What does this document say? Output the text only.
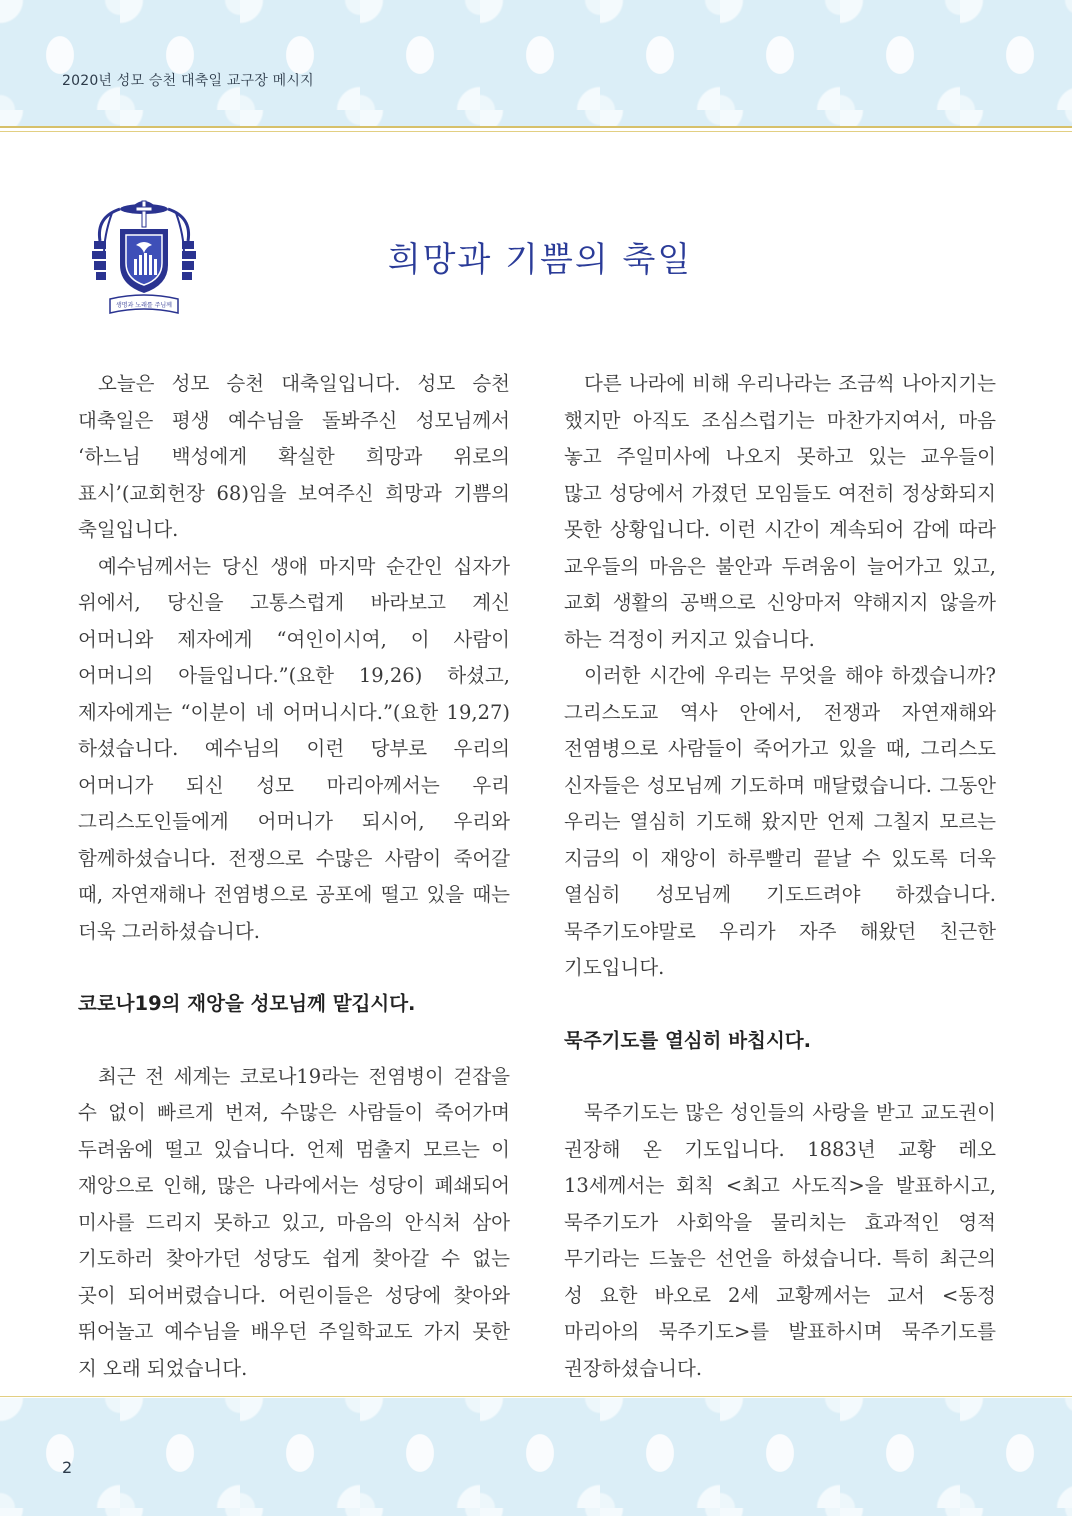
2020년 성모 승천 대축일 교구장 메시지
생명과 노래를 주님께
희망과 기쁨의 축일

오늘은 성모 승천 대축일입니다. 성모 승천 대축일은 평생 예수님을 돌봐주신 성모님께서 ‘하느님 백성에게 확실한 희망과 위로의 표시’(교회헌장 68)임을 보여주신 희망과 기쁨의 축일입니다.

예수님께서는 당신 생애 마지막 순간인 십자가 위에서, 당신을 고통스럽게 바라보고 계신 어머니와 제자에게 “여인이시여, 이 사람이 어머니의 아들입니다.”(요한 19,26) 하셨고, 제자에게는 “이분이 네 어머니시다.”(요한 19,27) 하셨습니다. 예수님의 이런 당부로 우리의 어머니가 되신 성모 마리아께서는 우리 그리스도인들에게 어머니가 되시어, 우리와 함께하셨습니다. 전쟁으로 수많은 사람이 죽어갈 때, 자연재해나 전염병으로 공포에 떨고 있을 때는 더욱 그러하셨습니다.

코로나19의 재앙을 성모님께 맡깁시다.

최근 전 세계는 코로나19라는 전염병이 걷잡을 수 없이 빠르게 번져, 수많은 사람들이 죽어가며 두려움에 떨고 있습니다. 언제 멈출지 모르는 이 재앙으로 인해, 많은 나라에서는 성당이 폐쇄되어 미사를 드리지 못하고 있고, 마음의 안식처 삼아 기도하러 찾아가던 성당도 쉽게 찾아갈 수 없는 곳이 되어버렸습니다. 어린이들은 성당에 찾아와 뛰어놀고 예수님을 배우던 주일학교도 가지 못한 지 오래 되었습니다.

다른 나라에 비해 우리나라는 조금씩 나아지기는 했지만 아직도 조심스럽기는 마찬가지여서, 마음 놓고 주일미사에 나오지 못하고 있는 교우들이 많고 성당에서 가졌던 모임들도 여전히 정상화되지 못한 상황입니다. 이런 시간이 계속되어 감에 따라 교우들의 마음은 불안과 두려움이 늘어가고 있고, 교회 생활의 공백으로 신앙마저 약해지지 않을까 하는 걱정이 커지고 있습니다.

이러한 시간에 우리는 무엇을 해야 하겠습니까? 그리스도교 역사 안에서, 전쟁과 자연재해와 전염병으로 사람들이 죽어가고 있을 때, 그리스도 신자들은 성모님께 기도하며 매달렸습니다. 그동안 우리는 열심히 기도해 왔지만 언제 그칠지 모르는 지금의 이 재앙이 하루빨리 끝날 수 있도록 더욱 열심히 성모님께 기도드려야 하겠습니다. 묵주기도야말로 우리가 자주 해왔던 친근한 기도입니다.

묵주기도를 열심히 바칩시다.

묵주기도는 많은 성인들의 사랑을 받고 교도권이 권장해 온 기도입니다. 1883년 교황 레오 13세께서는 회칙 <최고 사도직>을 발표하시고, 묵주기도가 사회악을 물리치는 효과적인 영적 무기라는 드높은 선언을 하셨습니다. 특히 최근의 성 요한 바오로 2세 교황께서는 교서 <동정 마리아의 묵주기도>를 발표하시며 묵주기도를 권장하셨습니다.

2
